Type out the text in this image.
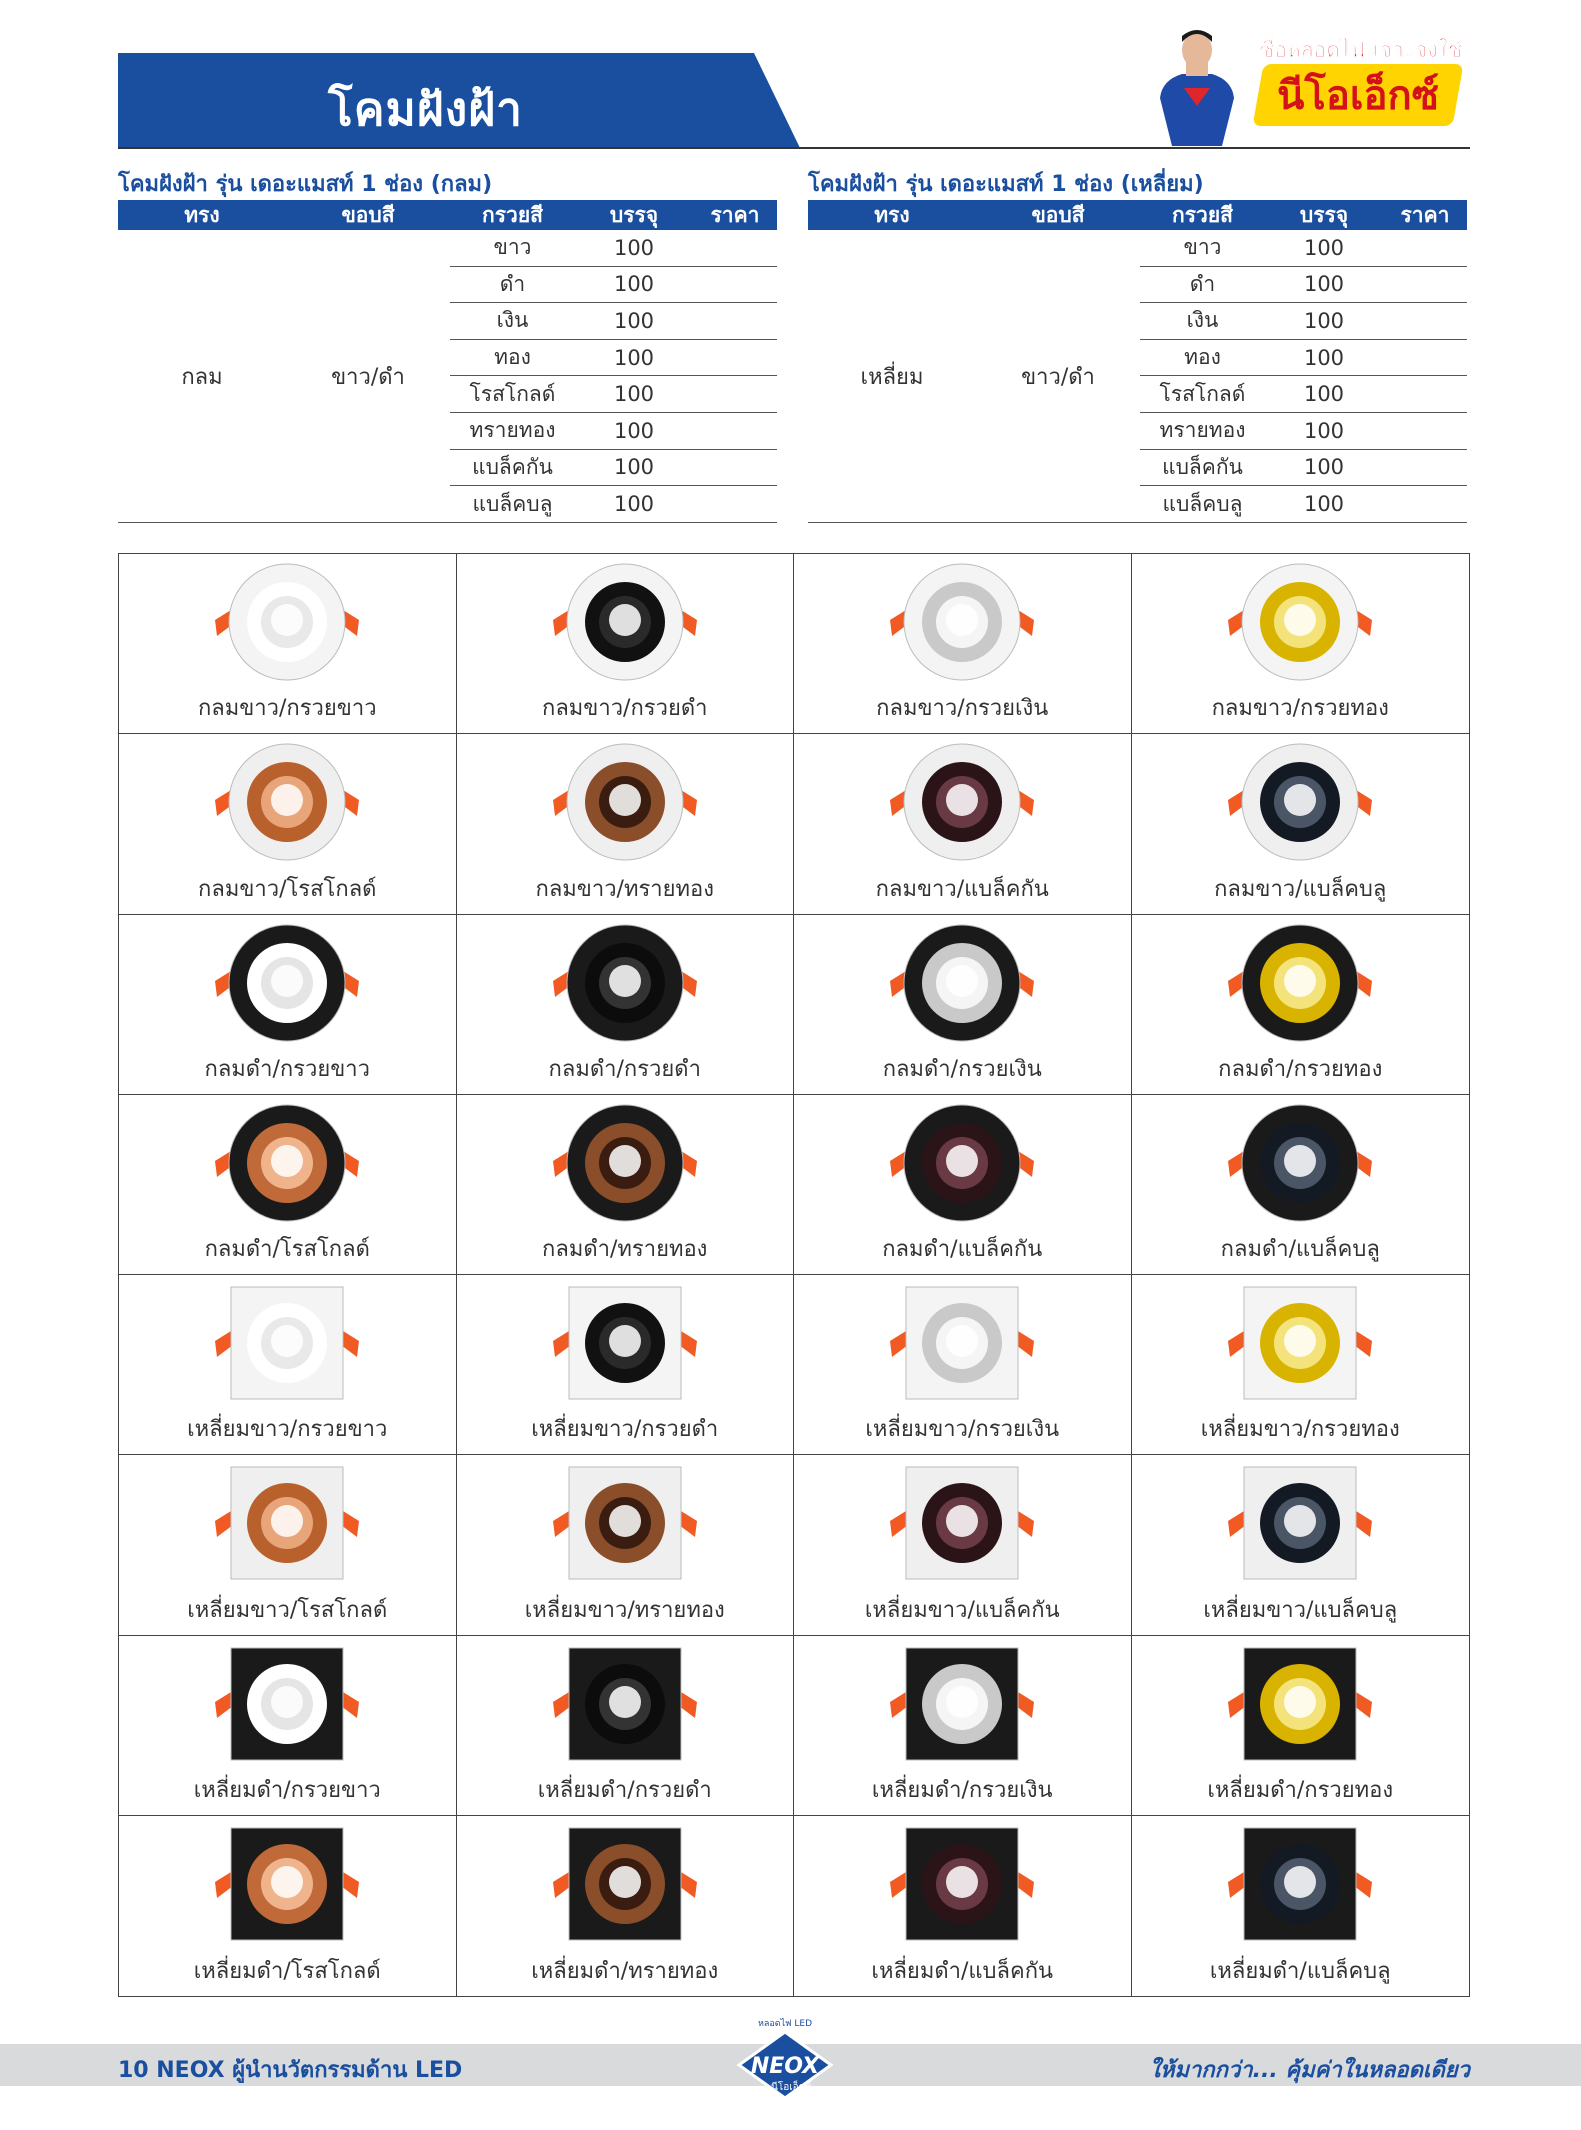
โคมฝังฝ้า
ซื้อหลอดไฟ เจาะจงใช้
นีโอเอ็กซ์
โคมฝังฝ้า รุ่น เดอะแมสท์ 1 ช่อง (กลม)
ทรง	ขอบสี	กรวยสี	บรรจุ	ราคา
กลม	ขาว/ดำ
ขาว	100
ดำ	100
เงิน	100
ทอง	100
โรสโกลด์	100
ทรายทอง	100
แบล็คกัน	100
แบล็คบลู	100
โคมฝังฝ้า รุ่น เดอะแมสท์ 1 ช่อง (เหลี่ยม)
ทรง	ขอบสี	กรวยสี	บรรจุ	ราคา
เหลี่ยม	ขาว/ดำ
ขาว	100
ดำ	100
เงิน	100
ทอง	100
โรสโกลด์	100
ทรายทอง	100
แบล็คกัน	100
แบล็คบลู	100
กลมขาว/กรวยขาว	กลมขาว/กรวยดำ	กลมขาว/กรวยเงิน	กลมขาว/กรวยทอง
กลมขาว/โรสโกลด์	กลมขาว/ทรายทอง	กลมขาว/แบล็คกัน	กลมขาว/แบล็คบลู
กลมดำ/กรวยขาว	กลมดำ/กรวยดำ	กลมดำ/กรวยเงิน	กลมดำ/กรวยทอง
กลมดำ/โรสโกลด์	กลมดำ/ทรายทอง	กลมดำ/แบล็คกัน	กลมดำ/แบล็คบลู
เหลี่ยมขาว/กรวยขาว	เหลี่ยมขาว/กรวยดำ	เหลี่ยมขาว/กรวยเงิน	เหลี่ยมขาว/กรวยทอง
เหลี่ยมขาว/โรสโกลด์	เหลี่ยมขาว/ทรายทอง	เหลี่ยมขาว/แบล็คกัน	เหลี่ยมขาว/แบล็คบลู
เหลี่ยมดำ/กรวยขาว	เหลี่ยมดำ/กรวยดำ	เหลี่ยมดำ/กรวยเงิน	เหลี่ยมดำ/กรวยทอง
เหลี่ยมดำ/โรสโกลด์	เหลี่ยมดำ/ทรายทอง	เหลี่ยมดำ/แบล็คกัน	เหลี่ยมดำ/แบล็คบลู
10 NEOX ผู้นำนวัตกรรมด้าน LED	ให้มากกว่า... คุ้มค่าในหลอดเดียว
หลอดไฟ LED
NEOX
นีโอเอ็กซ์
